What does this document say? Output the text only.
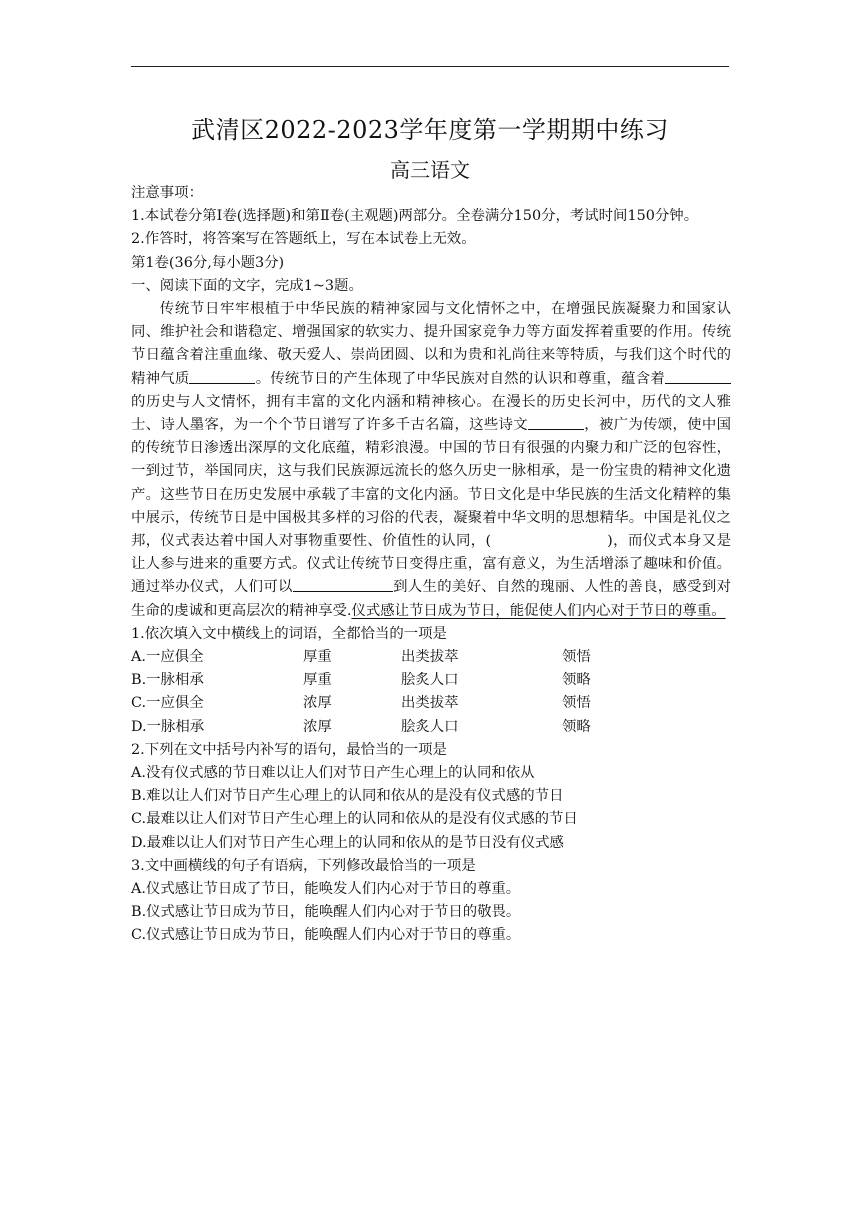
武清区2022-2023学年度第一学期期中练习
高三语文

注意事项：

1.本试卷分第Ⅰ卷(选择题)和第Ⅱ卷(主观题)两部分。全卷满分150分，考试时间150分钟。

2.作答时，将答案写在答题纸上，写在本试卷上无效。

第1卷(36分,每小题3分)

一、阅读下面的文字，完成1~3题。

传统节日牢牢根植于中华民族的精神家园与文化情怀之中，在增强民族凝聚力和国家认同、维护社会和谐稳定、增强国家的软实力、提升国家竞争力等方面发挥着重要的作用。传统节日蕴含着注重血缘、敬天爱人、崇尚团圆、以和为贵和礼尚往来等特质，与我们这个时代的精神气质	。传统节日的产生体现了中华民族对自然的认识和尊重，蕴含着的历史与人文情怀，拥有丰富的文化内涵和精神核心。在漫长的历史长河中，历代的文人雅士、诗人墨客，为一个个节日谱写了许多千古名篇，这些诗文	，被广为传颂，使中国的传统节日渗透出深厚的文化底蕴，精彩浪漫。中国的节日有很强的内聚力和广泛的包容性，一到过节，举国同庆，这与我们民族源远流长的悠久历史一脉相承，是一份宝贵的精神文化遗产。这些节日在历史发展中承载了丰富的文化内涵。节日文化是中华民族的生活文化精粹的集中展示，传统节日是中国极其多样的习俗的代表，凝聚着中华文明的思想精华。中国是礼仪之邦，仪式表达着中国人对事物重要性、价值性的认同，(	)，而仪式本身又是让人参与进来的重要方式。仪式让传统节日变得庄重，富有意义，为生活增添了趣味和价值。通过举办仪式，人们可以	到人生的美好、自然的瑰丽、人性的善良，感受到对生命的虔诚和更高层次的精神享受.仪式感让节日成为节日，能促使人们内心对于节日的尊重。

1.依次填入文中横线上的词语，全都恰当的一项是

A.一应俱全	厚重	出类拔萃	领悟
B.一脉相承	厚重	脍炙人口	领略
C.一应俱全	浓厚	出类拔萃	领悟
D.一脉相承	浓厚	脍炙人口	领略

2.下列在文中括号内补写的语句，最恰当的一项是

A.没有仪式感的节日难以让人们对节日产生心理上的认同和依从

B.难以让人们对节日产生心理上的认同和依从的是没有仪式感的节日

C.最难以让人们对节日产生心理上的认同和依从的是没有仪式感的节日

D.最难以让人们对节日产生心理上的认同和依从的是节日没有仪式感

3.文中画横线的句子有语病，下列修改最恰当的一项是

A.仪式感让节日成了节日，能唤发人们内心对于节日的尊重。

B.仪式感让节日成为节日，能唤醒人们内心对于节日的敬畏。

C.仪式感让节日成为节日，能唤醒人们内心对于节日的尊重。
